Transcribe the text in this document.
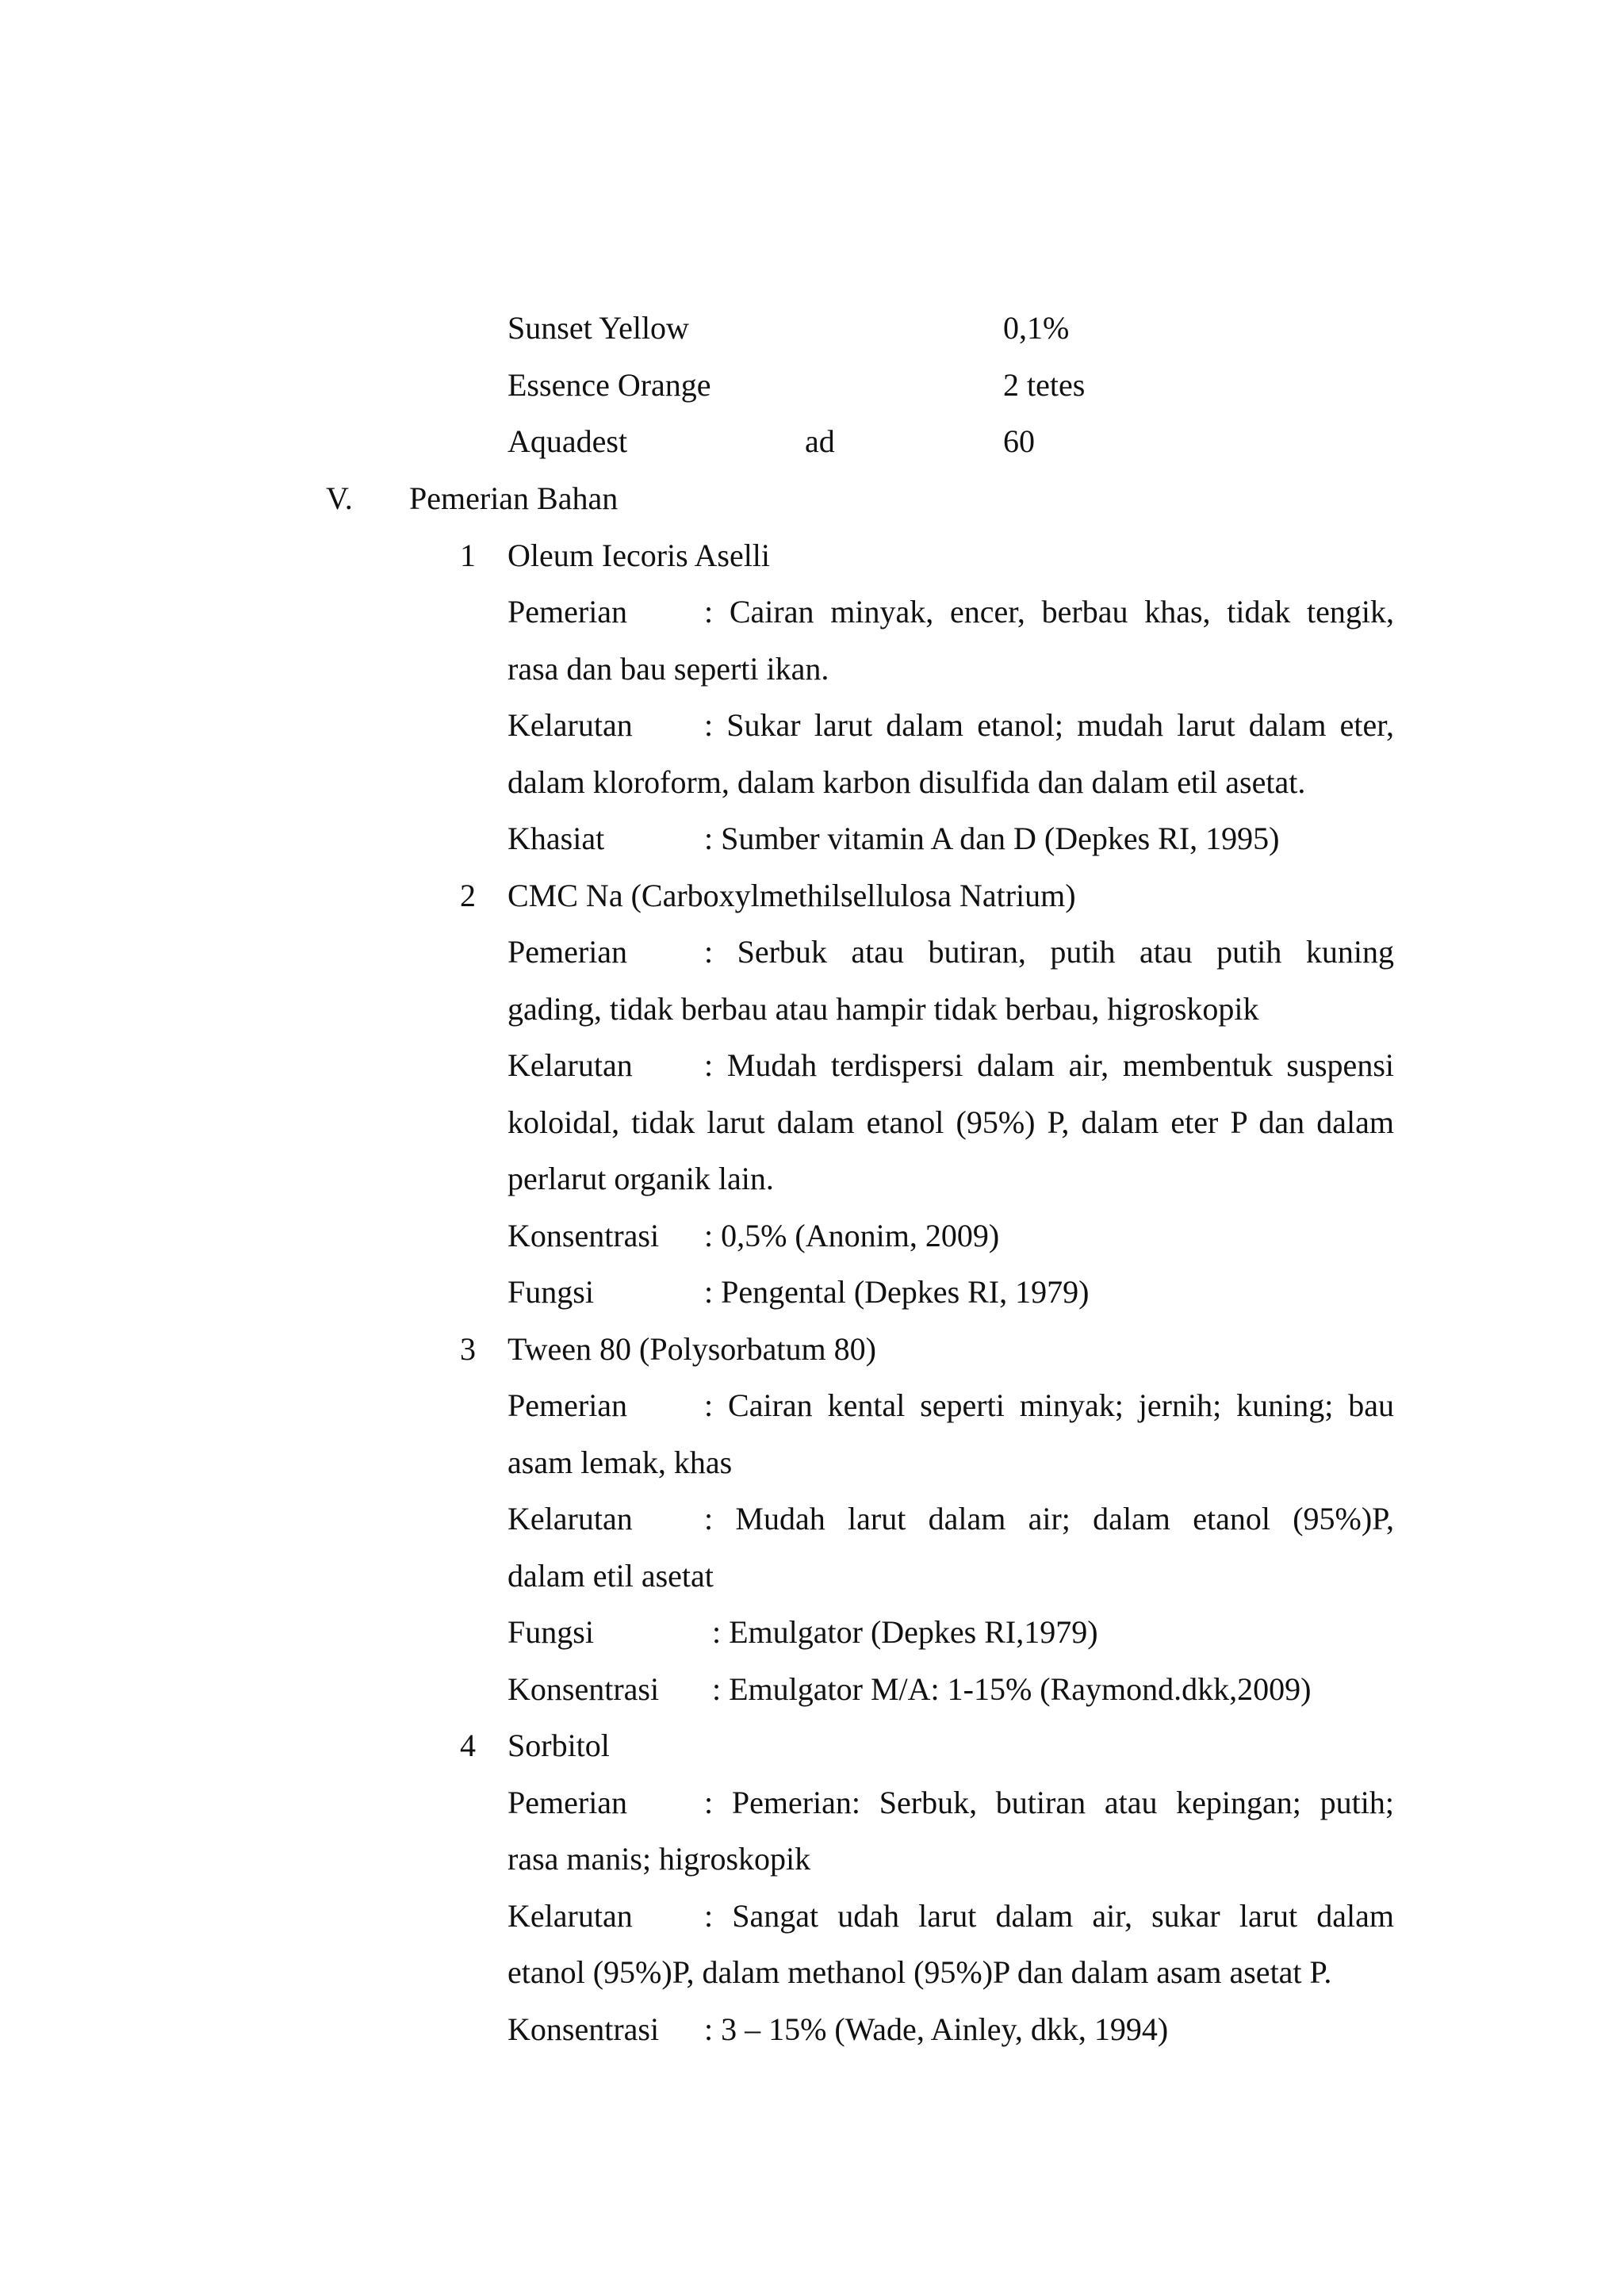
Sunset Yellow	0,1%
Essence Orange	2 tetes
Aquadest	ad	60
V. Pemerian Bahan
1 Oleum Iecoris Aselli
Pemerian : Cairan minyak, encer, berbau khas, tidak tengik,
rasa dan bau seperti ikan.
Kelarutan : Sukar larut dalam etanol; mudah larut dalam eter,
dalam kloroform, dalam karbon disulfida dan dalam etil asetat.
Khasiat	: Sumber vitamin A dan D (Depkes RI, 1995)
2 CMC Na (Carboxylmethilsellulosa Natrium)
Pemerian : Serbuk atau butiran, putih atau putih kuning
gading, tidak berbau atau hampir tidak berbau, higroskopik
Kelarutan : Mudah terdispersi dalam air, membentuk suspensi
koloidal, tidak larut dalam etanol (95%) P, dalam eter P dan dalam
perlarut organik lain.
Konsentrasi : 0,5% (Anonim, 2009)
Fungsi	: Pengental (Depkes RI, 1979)
3 Tween 80 (Polysorbatum 80)
Pemerian : Cairan kental seperti minyak; jernih; kuning; bau
asam lemak, khas
Kelarutan : Mudah larut dalam air; dalam etanol (95%)P,
dalam etil asetat
Fungsi	: Emulgator (Depkes RI,1979)
Konsentrasi : Emulgator M/A: 1-15% (Raymond.dkk,2009)
4 Sorbitol
Pemerian : Pemerian: Serbuk, butiran atau kepingan; putih;
rasa manis; higroskopik
Kelarutan : Sangat udah larut dalam air, sukar larut dalam
etanol (95%)P, dalam methanol (95%)P dan dalam asam asetat P.
Konsentrasi : 3 – 15% (Wade, Ainley, dkk, 1994)
